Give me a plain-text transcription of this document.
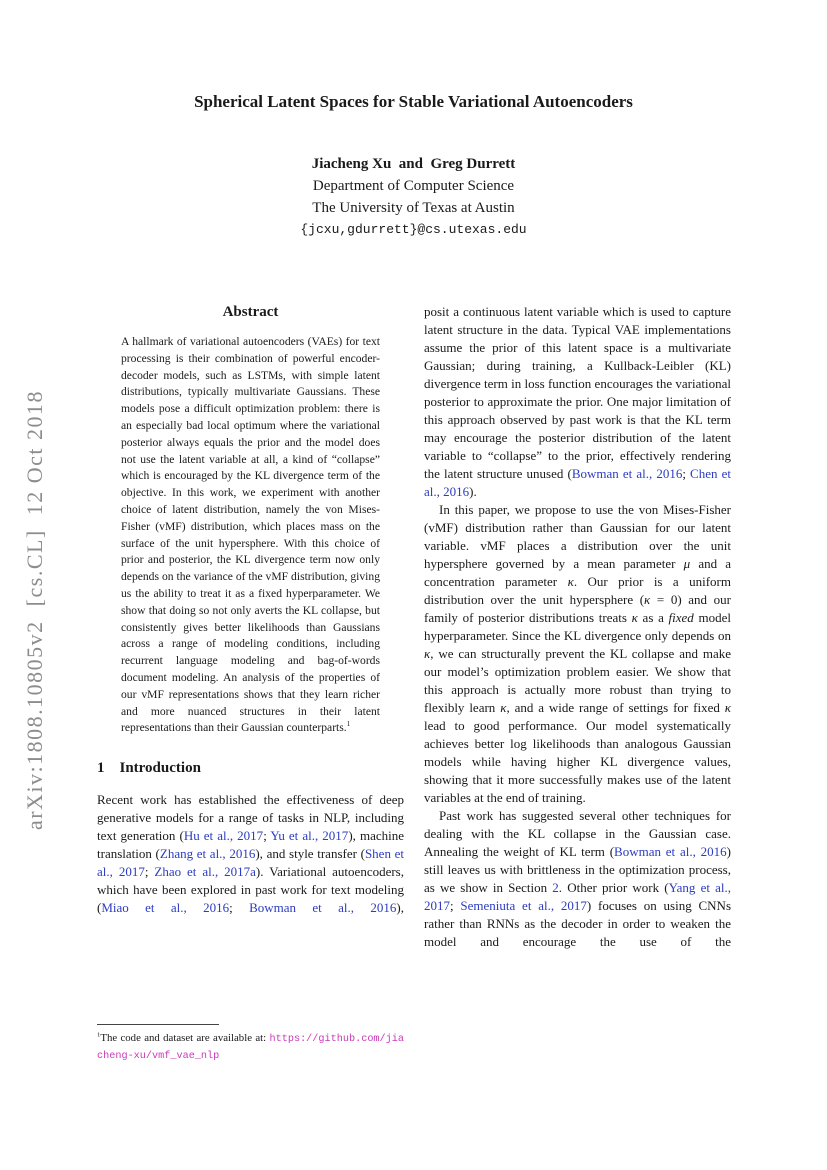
arXiv:1808.10805v2  [cs.CL]  12 Oct 2018
Spherical Latent Spaces for Stable Variational Autoencoders
Jiacheng Xu  and  Greg Durrett
Department of Computer Science
The University of Texas at Austin
{jcxu,gdurrett}@cs.utexas.edu
Abstract

A hallmark of variational autoencoders (VAEs) for text processing is their combination of powerful encoder-decoder models, such as LSTMs, with simple latent distributions, typically multivariate Gaussians. These models pose a difficult optimization problem: there is an especially bad local optimum where the variational posterior always equals the prior and the model does not use the latent variable at all, a kind of “collapse” which is encouraged by the KL divergence term of the objective. In this work, we experiment with another choice of latent distribution, namely the von Mises-Fisher (vMF) distribution, which places mass on the surface of the unit hypersphere. With this choice of prior and posterior, the KL divergence term now only depends on the variance of the vMF distribution, giving us the ability to treat it as a fixed hyperparameter. We show that doing so not only averts the KL collapse, but consistently gives better likelihoods than Gaussians across a range of modeling conditions, including recurrent language modeling and bag-of-words document modeling. An analysis of the properties of our vMF representations shows that they learn richer and more nuanced structures in their latent representations than their Gaussian counterparts.$^1$

1 Introduction

Recent work has established the effectiveness of deep generative models for a range of tasks in NLP, including text generation (Hu et al., 2017; Yu et al., 2017), machine translation (Zhang et al., 2016), and style transfer (Shen et al., 2017; Zhao et al., 2017a). Variational autoencoders, which have been explored in past work for text modeling (Miao et al., 2016; Bowman et al., 2016),

posit a continuous latent variable which is used to capture latent structure in the data. Typical VAE implementations assume the prior of this latent space is a multivariate Gaussian; during training, a Kullback-Leibler (KL) divergence term in loss function encourages the variational posterior to approximate the prior. One major limitation of this approach observed by past work is that the KL term may encourage the posterior distribution of the latent variable to “collapse” to the prior, effectively rendering the latent structure unused (Bowman et al., 2016; Chen et al., 2016).

In this paper, we propose to use the von Mises-Fisher (vMF) distribution rather than Gaussian for our latent variable. vMF places a distribution over the unit hypersphere governed by a mean parameter μ and a concentration parameter κ. Our prior is a uniform distribution over the unit hypersphere (κ = 0) and our family of posterior distributions treats κ as a fixed model hyperparameter. Since the KL divergence only depends on κ, we can structurally prevent the KL collapse and make our model’s optimization problem easier. We show that this approach is actually more robust than trying to flexibly learn κ, and a wide range of settings for fixed κ lead to good performance. Our model systematically achieves better log likelihoods than analogous Gaussian models while having higher KL divergence values, showing that it more successfully makes use of the latent variables at the end of training.

Past work has suggested several other techniques for dealing with the KL collapse in the Gaussian case. Annealing the weight of KL term (Bowman et al., 2016) still leaves us with brittleness in the optimization process, as we show in Section 2. Other prior work (Yang et al., 2017; Semeniuta et al., 2017) focuses on using CNNs rather than RNNs as the decoder in order to weaken the model and encourage the use of the

$^1$The code and dataset are available at: https://github.com/jiacheng-xu/vmf_vae_nlp
